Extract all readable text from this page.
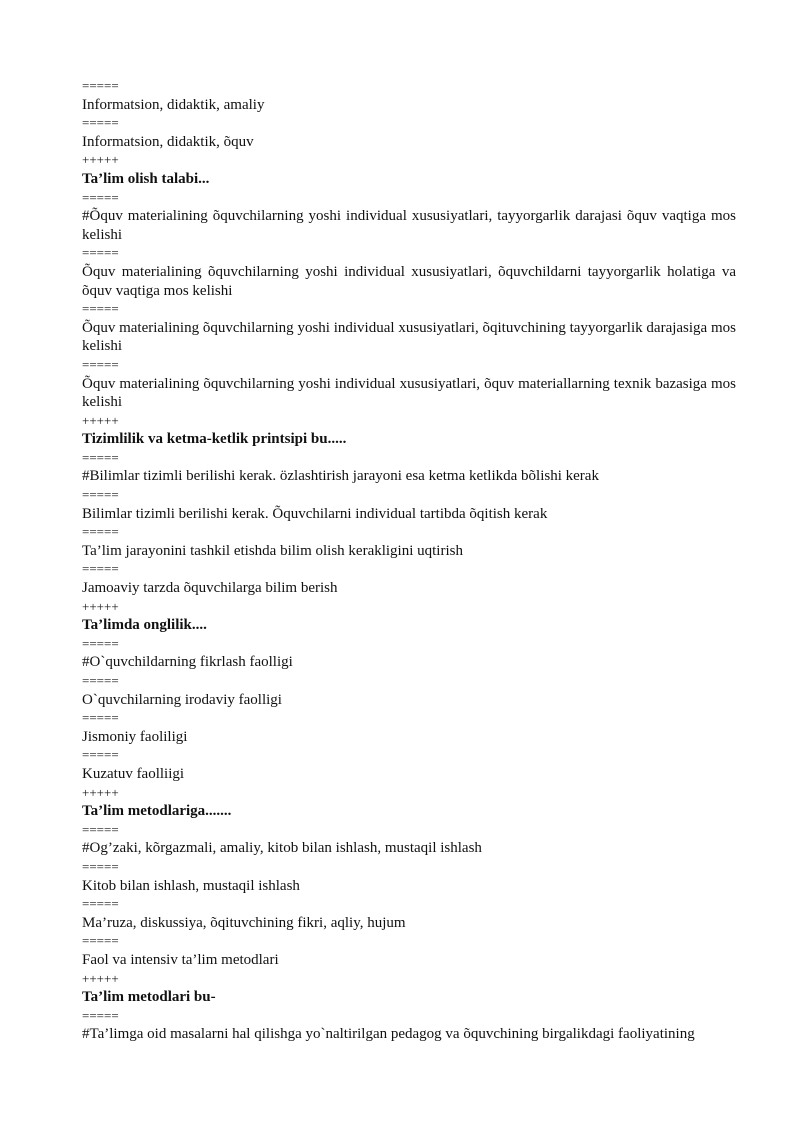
=====
Informatsion, didaktik, amaliy
=====
Informatsion, didaktik, õquv
+++++
Ta’lim olish talabi...
=====
#Õquv materialining õquvchilarning yoshi individual xususiyatlari, tayyorgarlik darajasi õquv vaqtiga mos kelishi
=====
Õquv materialining õquvchilarning yoshi individual xususiyatlari, õquvchildarni tayyorgarlik holatiga va õquv vaqtiga mos kelishi
=====
Õquv materialining õquvchilarning yoshi individual xususiyatlari, õqituvchining tayyorgarlik darajasiga mos kelishi
=====
Õquv materialining õquvchilarning yoshi individual xususiyatlari, õquv materiallarning texnik bazasiga mos kelishi
+++++
Tizimlilik va ketma-ketlik printsipi bu.....
=====
#Bilimlar tizimli berilishi kerak. özlashtirish jarayoni esa ketma ketlikda bõlishi kerak
=====
Bilimlar tizimli berilishi kerak. Õquvchilarni individual tartibda õqitish kerak
=====
Ta’lim jarayonini tashkil etishda bilim olish kerakligini uqtirish
=====
Jamoaviy tarzda õquvchilarga bilim berish
+++++
Ta’limda onglilik....
=====
#O`quvchildarning fikrlash faolligi
=====
O`quvchilarning irodaviy faolligi
=====
Jismoniy faoliligi
=====
Kuzatuv faolliigi
+++++
Ta’lim metodlariga.......
=====
#Og’zaki, kõrgazmali, amaliy, kitob bilan ishlash, mustaqil ishlash
=====
Kitob bilan ishlash, mustaqil ishlash
=====
Ma’ruza, diskussiya, õqituvchining fikri, aqliy, hujum
=====
Faol va intensiv ta’lim metodlari
+++++
Ta’lim metodlari bu-
=====
#Ta’limga oid masalarni hal qilishga yo`naltirilgan pedagog va õquvchining birgalikdagi faoliyatining
